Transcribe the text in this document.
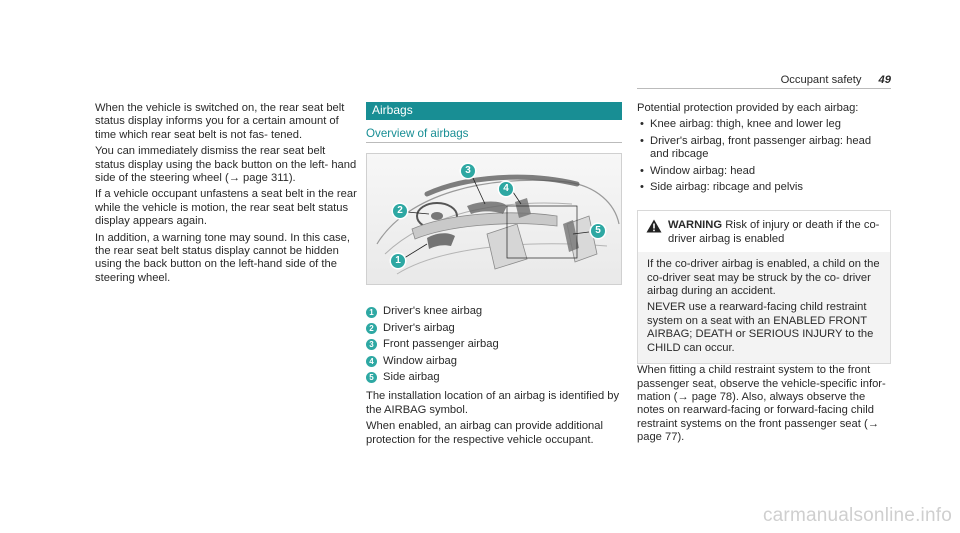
Occupant safety 49

When the vehicle is switched on, the rear seat belt status display informs you for a certain amount of time which rear seat belt is not fas- tened.

You can immediately dismiss the rear seat belt status display using the back button on the left- hand side of the steering wheel (→ page 311).

If a vehicle occupant unfastens a seat belt in the rear while the vehicle is motion, the rear seat belt status display appears again.

In addition, a warning tone may sound. In this case, the rear seat belt status display cannot be hidden using the back button on the left-hand side of the steering wheel.

Airbags
Overview of airbags
1
2
3
4
5
1 Driver's knee airbag
2 Driver's airbag
3 Front passenger airbag
4 Window airbag
5 Side airbag

The installation location of an airbag is identified by the AIRBAG symbol.

When enabled, an airbag can provide additional protection for the respective vehicle occupant.

Potential protection provided by each airbag:

• Knee airbag: thigh, knee and lower leg
• Driver's airbag, front passenger airbag: head and ribcage
• Window airbag: head
• Side airbag: ribcage and pelvis
WARNING Risk of injury or death if the co- driver airbag is enabled

If the co-driver airbag is enabled, a child on the co-driver seat may be struck by the co- driver airbag during an accident.

NEVER use a rearward-facing child restraint system on a seat with an ENABLED FRONT AIRBAG; DEATH or SERIOUS INJURY to the CHILD can occur.

When fitting a child restraint system to the front passenger seat, observe the vehicle-specific infor- mation (→ page 78). Also, always observe the notes on rearward-facing or forward-facing child restraint systems on the front passenger seat (→ page 77).

carmanualsonline.info
